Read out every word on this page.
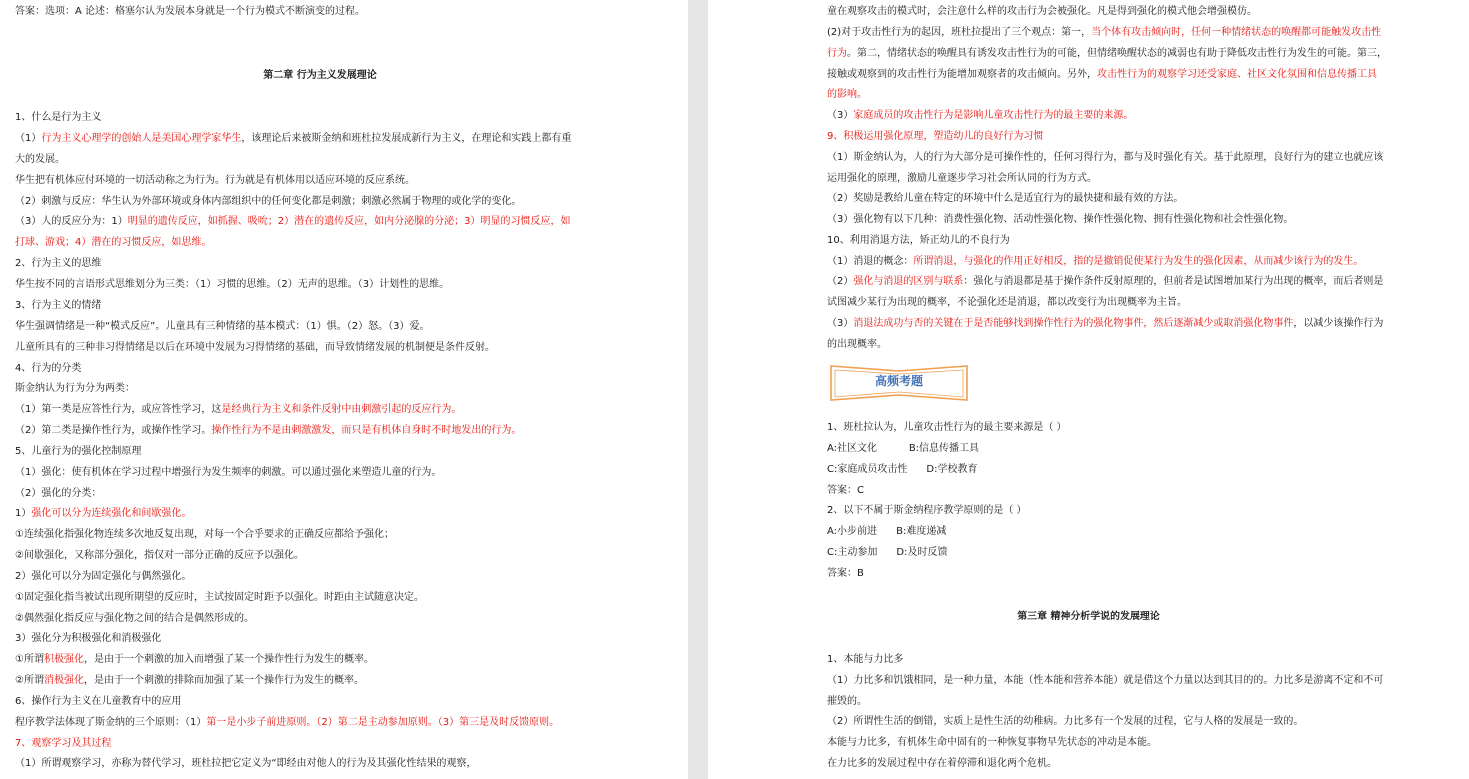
答案：选项：A 论述：格塞尔认为发展本身就是一个行为模式不断演变的过程。
第二章 行为主义发展理论
1、什么是行为主义
（1）行为主义心理学的创始人是美国心理学家华生，该理论后来被斯金纳和班杜拉发展成新行为主义，在理论和实践上都有重
大的发展。
华生把有机体应付环境的一切活动称之为行为。行为就是有机体用以适应环境的反应系统。
（2）刺激与反应：华生认为外部环境或身体内部组织中的任何变化都是刺激；刺激必然属于物理的或化学的变化。
（3）人的反应分为：1）明显的遗传反应，如抓握、吸吮；2）潜在的遗传反应，如内分泌腺的分泌；3）明显的习惯反应，如
打球、游戏；4）潜在的习惯反应，如思维。
2、行为主义的思维
华生按不同的言语形式思维划分为三类：（1）习惯的思维。（2）无声的思维。（3）计划性的思维。
3、行为主义的情绪
华生强调情绪是一种“模式反应”。儿童具有三种情绪的基本模式：（1）惧。（2）怒。（3）爱。
儿童所具有的三种非习得情绪是以后在环境中发展为习得情绪的基础，而导致情绪发展的机制便是条件反射。
4、行为的分类
斯金纳认为行为分为两类：
（1）第一类是应答性行为，或应答性学习，这是经典行为主义和条件反射中由刺激引起的反应行为。
（2）第二类是操作性行为，或操作性学习。操作性行为不是由刺激激发，而只是有机体自身时不时地发出的行为。
5、儿童行为的强化控制原理
（1）强化：使有机体在学习过程中增强行为发生频率的刺激。可以通过强化来塑造儿童的行为。
（2）强化的分类：
1）强化可以分为连续强化和间歇强化。
①连续强化指强化物连续多次地反复出现，对每一个合乎要求的正确反应都给予强化；
②间歇强化，又称部分强化，指仅对一部分正确的反应予以强化。
2）强化可以分为固定强化与偶然强化。
①固定强化指当被试出现所期望的反应时，主试按固定时距予以强化。时距由主试随意决定。
②偶然强化指反应与强化物之间的结合是偶然形成的。
3）强化分为积极强化和消极强化
①所谓积极强化，是由于一个刺激的加入而增强了某一个操作性行为发生的概率。
②所谓消极强化，是由于一个刺激的排除而加强了某一个操作行为发生的概率。
6、操作行为主义在儿童教育中的应用
程序教学法体现了斯金纳的三个原则：（1）第一是小步子前进原则。（2）第二是主动参加原则。（3）第三是及时反馈原则。
7、观察学习及其过程
（1）所谓观察学习，亦称为替代学习，班杜拉把它定义为“即经由对他人的行为及其强化性结果的观察，
童在观察攻击的模式时，会注意什么样的攻击行为会被强化。凡是得到强化的模式他会增强模仿。
(2)对于攻击性行为的起因，班杜拉提出了三个观点：第一，当个体有攻击倾向时，任何一种情绪状态的唤醒都可能触发攻击性
行为。第二，情绪状态的唤醒具有诱发攻击性行为的可能，但情绪唤醒状态的减弱也有助于降低攻击性行为发生的可能。第三，
接触或观察到的攻击性行为能增加观察者的攻击倾向。另外，攻击性行为的观察学习还受家庭、社区文化氛围和信息传播工具
的影响。
（3）家庭成员的攻击性行为是影响儿童攻击性行为的最主要的来源。
9、积极运用强化原理，塑造幼儿的良好行为习惯
（1）斯金纳认为，人的行为大部分是可操作性的，任何习得行为，都与及时强化有关。基于此原理，良好行为的建立也就应该
运用强化的原理，激励儿童逐步学习社会所认同的行为方式。
（2）奖励是教给儿童在特定的环境中什么是适宜行为的最快捷和最有效的方法。
（3）强化物有以下几种：消费性强化物、活动性强化物、操作性强化物、拥有性强化物和社会性强化物。
10、利用消退方法，矫正幼儿的不良行为
（1）消退的概念：所谓消退，与强化的作用正好相反，指的是撤销促使某行为发生的强化因素，从而减少该行为的发生。
（2）强化与消退的区别与联系：强化与消退都是基于操作条件反射原理的，但前者是试图增加某行为出现的概率，而后者则是
试图减少某行为出现的概率，不论强化还是消退，都以改变行为出现概率为主旨。
（3）消退法成功与否的关键在于是否能够找到操作性行为的强化物事件，然后逐渐减少或取消强化物事件，以减少该操作行为
的出现概率。
高频考题
1、班杜拉认为，儿童攻击性行为的最主要来源是（ ）
A:社区文化          B:信息传播工具
C:家庭成员攻击性      D:学校教育
答案：C
2、以下不属于斯金纳程序教学原则的是（ ）
A:小步前进      B:难度递减
C:主动参加      D:及时反馈
答案：B
第三章 精神分析学说的发展理论
1、本能与力比多
（1）力比多和饥饿相同，是一种力量，本能（性本能和营养本能）就是借这个力量以达到其目的的。力比多是游离不定和不可
摧毁的。
（2）所谓性生活的倒错，实质上是性生活的幼稚病。力比多有一个发展的过程，它与人格的发展是一致的。
本能与力比多，有机体生命中固有的一种恢复事物早先状态的冲动是本能。
在力比多的发展过程中存在着停滞和退化两个危机。
